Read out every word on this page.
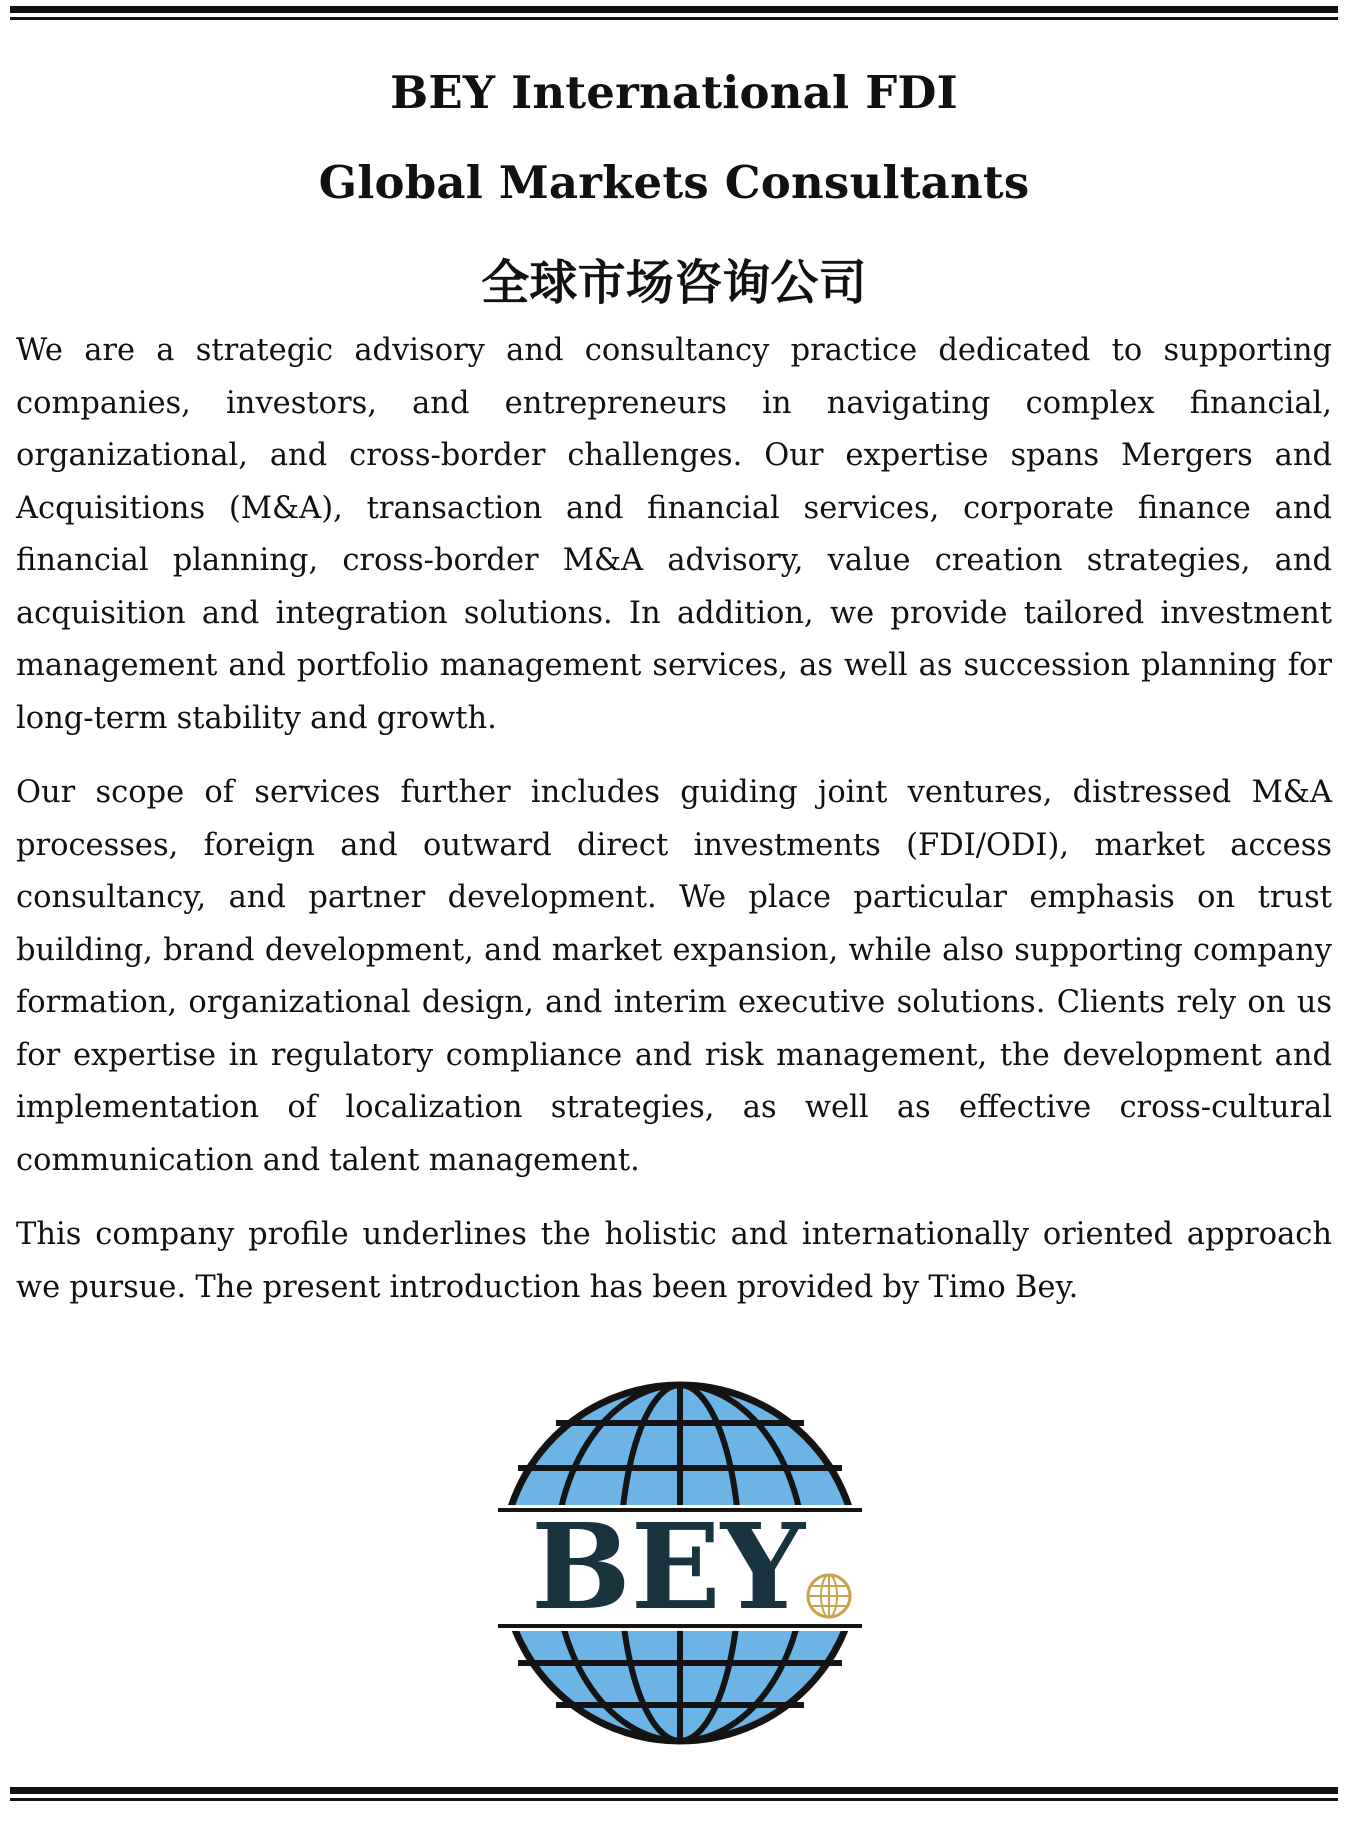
BEY International FDI
Global Markets Consultants
全球市场咨询公司

We are a strategic advisory and consultancy practice dedicated to supporting companies, investors, and entrepreneurs in navigating complex financial, organizational, and cross-border challenges. Our expertise spans Mergers and Acquisitions (M&A), transaction and financial services, corporate finance and financial planning, cross-border M&A advisory, value creation strategies, and acquisition and integration solutions. In addition, we provide tailored investment management and portfolio management services, as well as succession planning for long-term stability and growth.

Our scope of services further includes guiding joint ventures, distressed M&A processes, foreign and outward direct investments (FDI/ODI), market access consultancy, and partner development. We place particular emphasis on trust building, brand development, and market expansion, while also supporting company formation, organizational design, and interim executive solutions. Clients rely on us for expertise in regulatory compliance and risk management, the development and implementation of localization strategies, as well as effective cross-cultural communication and talent management.

This company profile underlines the holistic and internationally oriented approach we pursue. The present introduction has been provided by Timo Bey.

BEY
